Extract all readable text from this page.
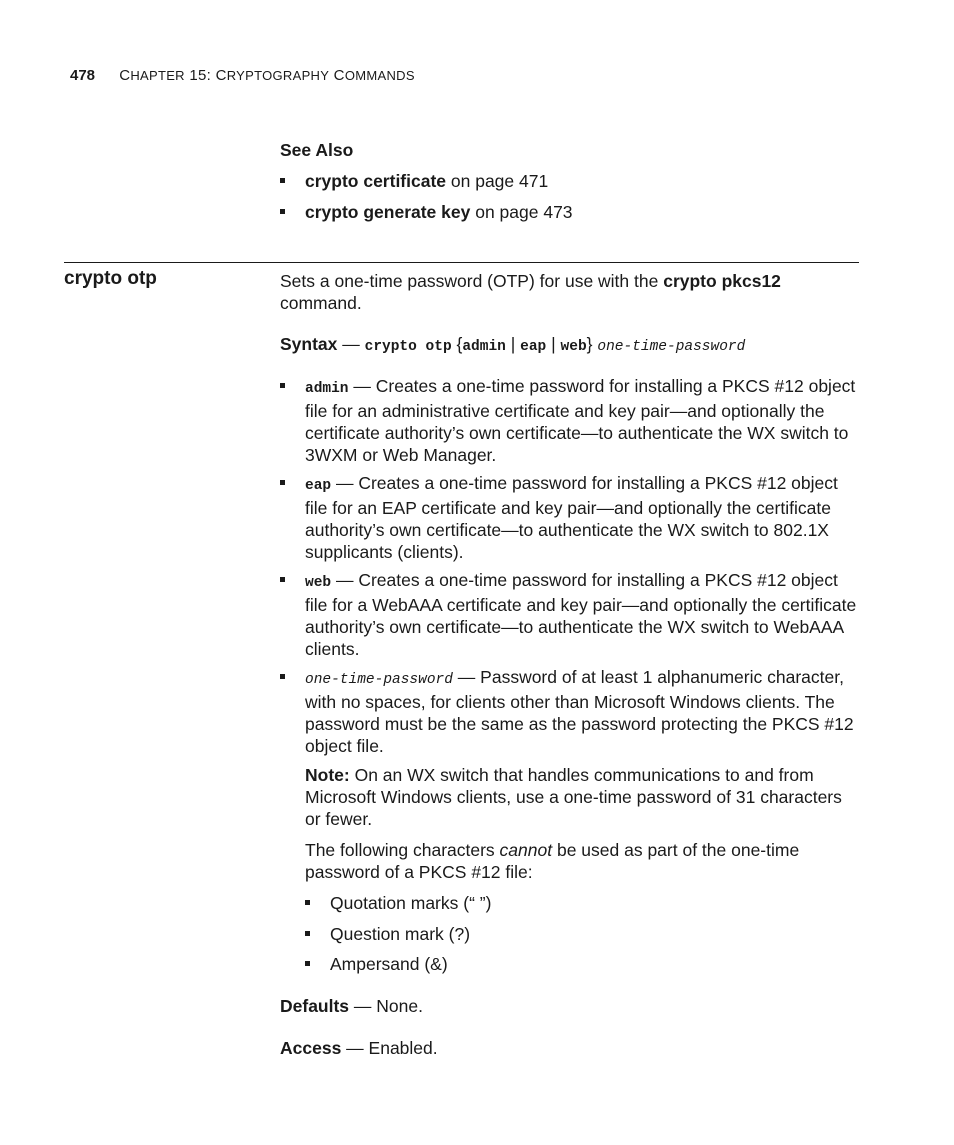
478 CHAPTER 15: CRYPTOGRAPHY COMMANDS
See Also
crypto certificate on page 471
crypto generate key on page 473
crypto otp	Sets a one-time password (OTP) for use with the crypto pkcs12
command.
Syntax — crypto otp {admin | eap | web} one-time-password
admin — Creates a one-time password for installing a PKCS #12 object file for an administrative certificate and key pair—and optionally the certificate authority’s own certificate—to authenticate the WX switch to 3WXM or Web Manager.
eap — Creates a one-time password for installing a PKCS #12 object file for an EAP certificate and key pair—and optionally the certificate authority’s own certificate—to authenticate the WX switch to 802.1X supplicants (clients).
web — Creates a one-time password for installing a PKCS #12 object file for a WebAAA certificate and key pair—and optionally the certificate authority’s own certificate—to authenticate the WX switch to WebAAA clients.
one-time-password — Password of at least 1 alphanumeric character, with no spaces, for clients other than Microsoft Windows clients. The password must be the same as the password protecting the PKCS #12 object file.
Note: On an WX switch that handles communications to and from Microsoft Windows clients, use a one-time password of 31 characters or fewer.
The following characters cannot be used as part of the one-time password of a PKCS #12 file:
Quotation marks (“ ”)
Question mark (?)
Ampersand (&)
Defaults — None.
Access — Enabled.
